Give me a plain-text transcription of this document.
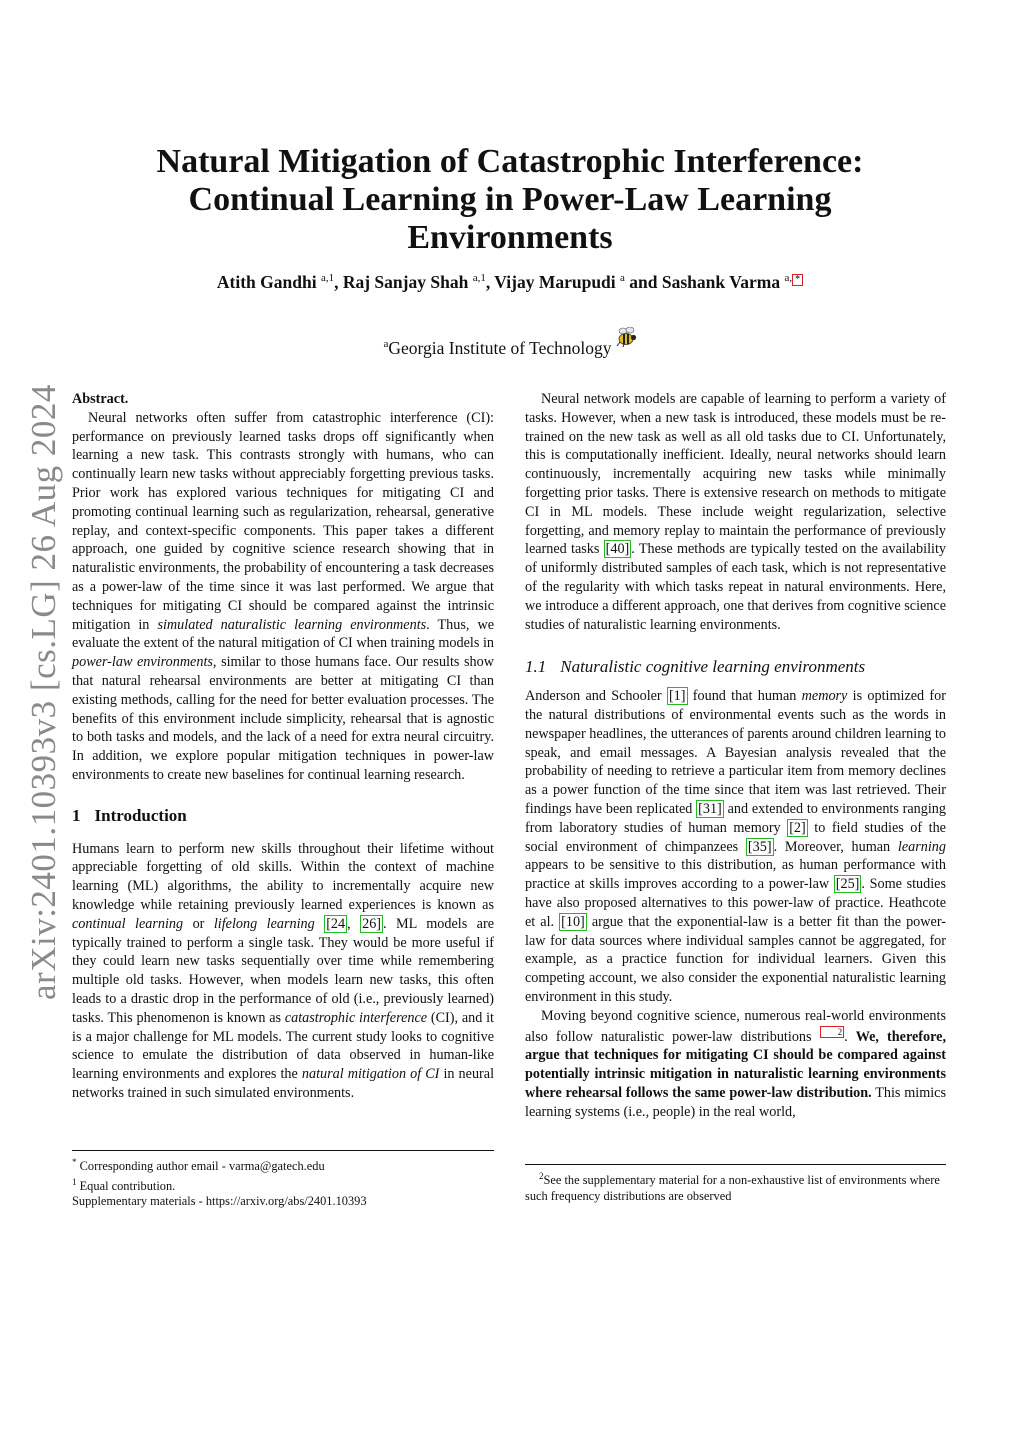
arXiv:2401.10393v3 [cs.LG] 26 Aug 2024
Natural Mitigation of Catastrophic Interference: Continual Learning in Power-Law Learning Environments

Atith Gandhi $^{a,1}$, Raj Sanjay Shah $^{a,1}$, Vijay Marupudi $^a$ and Sashank Varma $^{a,}$ *

$^a$Georgia Institute of Technology

Abstract.

Neural networks often suffer from catastrophic interference (CI): performance on previously learned tasks drops off significantly when learning a new task. This contrasts strongly with humans, who can continually learn new tasks without appreciably forgetting previous tasks. Prior work has explored various techniques for mitigating CI and promoting continual learning such as regularization, rehearsal, generative replay, and context-specific components. This paper takes a different approach, one guided by cognitive science research showing that in naturalistic environments, the probability of encountering a task decreases as a power-law of the time since it was last performed. We argue that techniques for mitigating CI should be compared against the intrinsic mitigation in simulated naturalistic learning environments. Thus, we evaluate the extent of the natural mitigation of CI when training models in power-law environments, similar to those humans face. Our results show that natural rehearsal environments are better at mitigating CI than existing methods, calling for the need for better evaluation processes. The benefits of this environment include simplicity, rehearsal that is agnostic to both tasks and models, and the lack of a need for extra neural circuitry. In addition, we explore popular mitigation techniques in power-law environments to create new baselines for continual learning research.

1 Introduction

Humans learn to perform new skills throughout their lifetime without appreciable forgetting of old skills. Within the context of machine learning (ML) algorithms, the ability to incrementally acquire new knowledge while retaining previously learned experiences is known as continual learning or lifelong learning [24 , 26] . ML models are typically trained to perform a single task. They would be more useful if they could learn new tasks sequentially over time while remembering multiple old tasks. However, when models learn new tasks, this often leads to a drastic drop in the performance of old (i.e., previously learned) tasks. This phenomenon is known as catastrophic interference (CI), and it is a major challenge for ML models. The current study looks to cognitive science to emulate the distribution of data observed in human-like learning environments and explores the natural mitigation of CI in neural networks trained in such simulated environments.

* Corresponding author email - varma@gatech.edu

$^1$ Equal contribution.

Supplementary materials - https://arxiv.org/abs/2401.10393

Neural network models are capable of learning to perform a variety of tasks. However, when a new task is introduced, these models must be re-trained on the new task as well as all old tasks due to CI. Unfortunately, this is computationally inefficient. Ideally, neural networks should learn continuously, incrementally acquiring new tasks while minimally forgetting prior tasks. There is extensive research on methods to mitigate CI in ML models. These include weight regularization, selective forgetting, and memory replay to maintain the performance of previously learned tasks [40] . These methods are typically tested on the availability of uniformly distributed samples of each task, which is not representative of the regularity with which tasks repeat in natural environments. Here, we introduce a different approach, one that derives from cognitive science studies of naturalistic learning environments.

1.1 Naturalistic cognitive learning environments

Anderson and Schooler [1] found that human memory is optimized for the natural distributions of environmental events such as the words in newspaper headlines, the utterances of parents around children learning to speak, and email messages. A Bayesian analysis revealed that the probability of needing to retrieve a particular item from memory declines as a power function of the time since that item was last retrieved. Their findings have been replicated [31] and extended to environments ranging from laboratory studies of human memory [2] to field studies of the social environment of chimpanzees [35] . Moreover, human learning appears to be sensitive to this distribution, as human performance with practice at skills improves according to a power-law [25] . Some studies have also proposed alternatives to this power-law of practice. Heathcote et al. [10] argue that the exponential-law is a better fit than the power-law for data sources where individual samples cannot be aggregated, for example, as a practice function for individual learners. Given this competing account, we also consider the exponential naturalistic learning environment in this study.

Moving beyond cognitive science, numerous real-world environments also follow naturalistic power-law distributions 2 . We, therefore, argue that techniques for mitigating CI should be compared against potentially intrinsic mitigation in naturalistic learning environments where rehearsal follows the same power-law distribution. This mimics learning systems (i.e., people) in the real world,

$^2$See the supplementary material for a non-exhaustive list of environments where such frequency distributions are observed
